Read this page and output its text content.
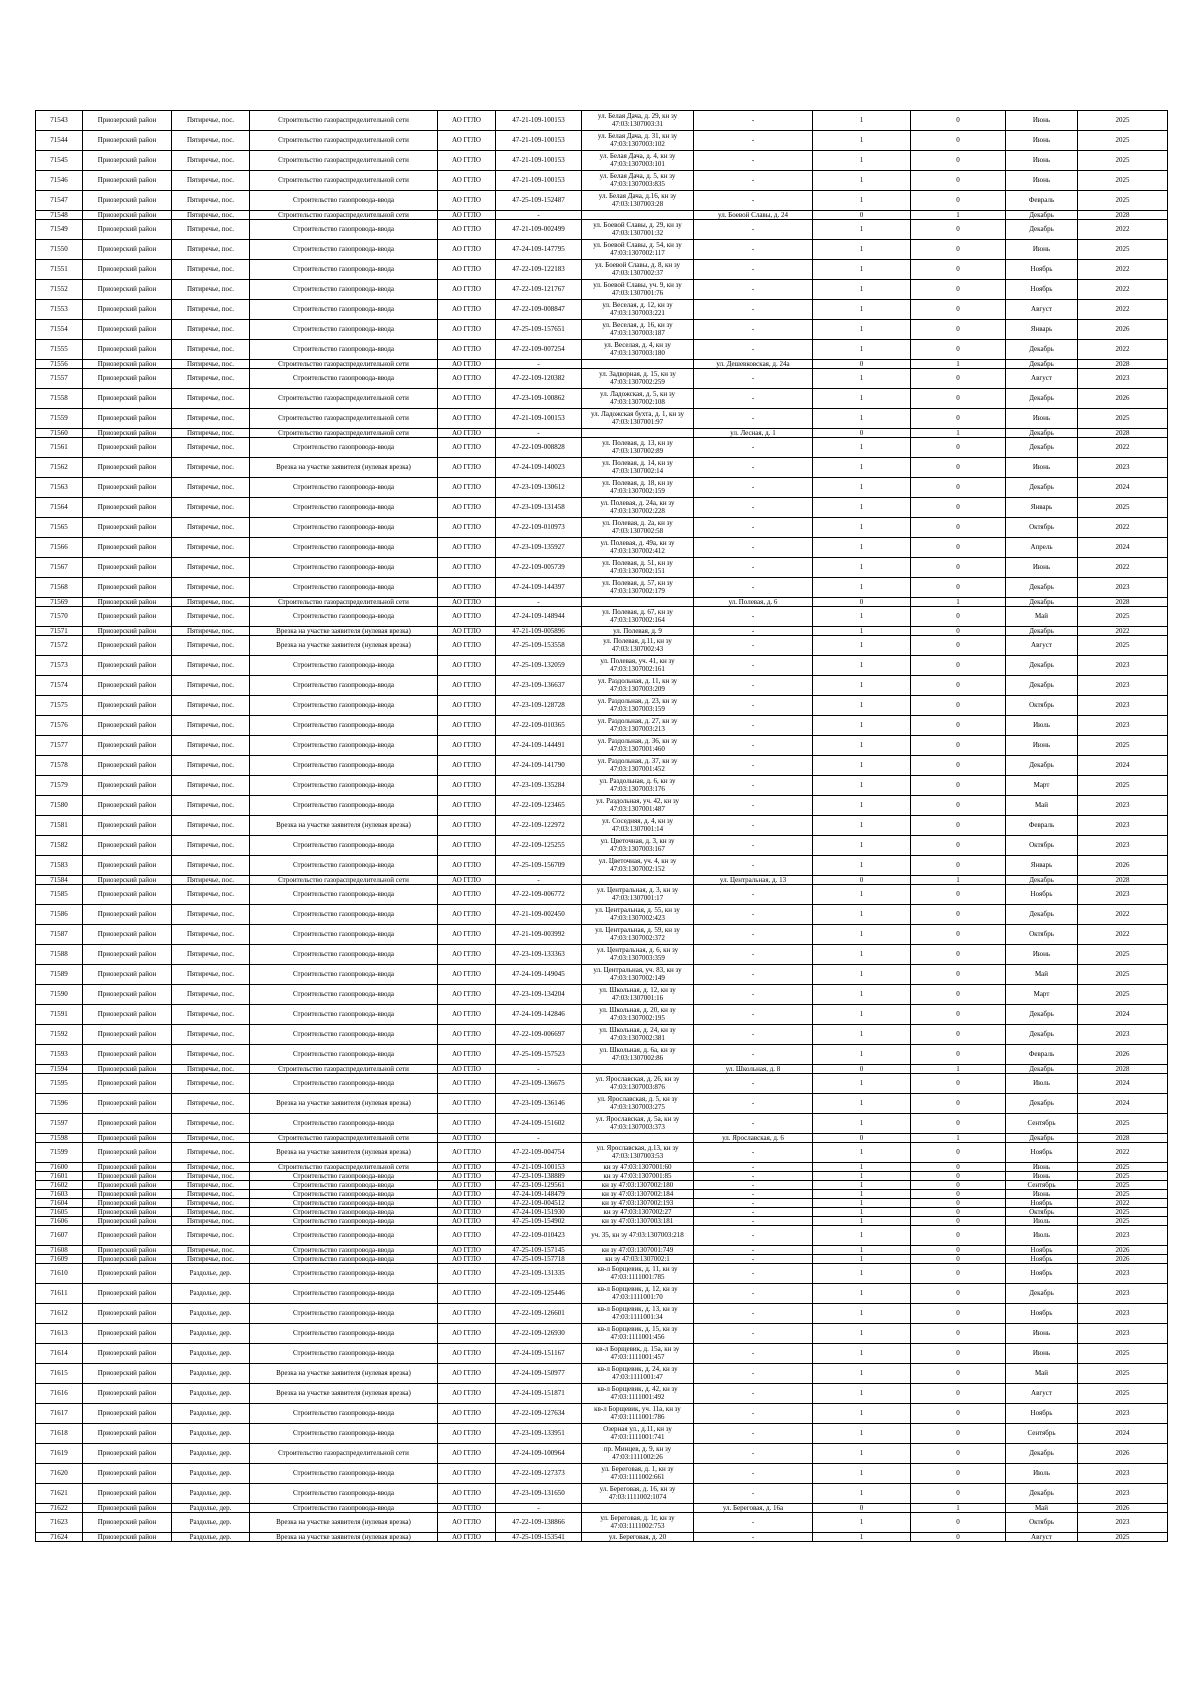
71543	Приозерский район	Пятиречье, пос.	Строительство газораспределительной сети	АО ГГЛО	47-21-109-100153	ул. Белая Дача, д. 29, кн зу 47:03:1307003:31	-	1	0	Июнь	2025
71544	Приозерский район	Пятиречье, пос.	Строительство газораспределительной сети	АО ГГЛО	47-21-109-100153	ул. Белая Дача, д. 31, кн зу 47:03:1307003:102	-	1	0	Июнь	2025
71545	Приозерский район	Пятиречье, пос.	Строительство газораспределительной сети	АО ГГЛО	47-21-109-100153	ул. Белая Дача, д. 4, кн зу 47:03:1307003:101	-	1	0	Июнь	2025
71546	Приозерский район	Пятиречье, пос.	Строительство газораспределительной сети	АО ГГЛО	47-21-109-100153	ул. Белая Дача, д. 5, кн зу 47:03:1307003:835	-	1	0	Июнь	2025
71547	Приозерский район	Пятиречье, пос.	Строительство газопровода-ввода	АО ГГЛО	47-25-109-152487	ул. Белая Дача, д.16, кн зу 47:03:1307003:28	-	1	0	Февраль	2025
71548	Приозерский район	Пятиречье, пос.	Строительство газораспределительной сети	АО ГГЛО	-		ул. Боевой Славы, д. 24	0	1	Декабрь	2028
71549	Приозерский район	Пятиречье, пос.	Строительство газопровода-ввода	АО ГГЛО	47-21-109-002499	ул. Боевой Славы, д. 29, кн зу 47:03:1307001:32	-	1	0	Декабрь	2022
71550	Приозерский район	Пятиречье, пос.	Строительство газопровода-ввода	АО ГГЛО	47-24-109-147795	ул. Боевой Славы, д. 54, кн зу 47:03:1307002:117	-	1	0	Июнь	2025
71551	Приозерский район	Пятиречье, пос.	Строительство газопровода-ввода	АО ГГЛО	47-22-109-122183	ул. Боевой Славы, д. 8, кн зу 47:03:1307002:37	-	1	0	Ноябрь	2022
71552	Приозерский район	Пятиречье, пос.	Строительство газопровода-ввода	АО ГГЛО	47-22-109-121767	ул. Боевой Славы, уч. 9, кн зу 47:03:1307001:76	-	1	0	Ноябрь	2022
71553	Приозерский район	Пятиречье, пос.	Строительство газопровода-ввода	АО ГГЛО	47-22-109-008847	ул. Веселая, д. 12, кн зу 47:03:1307003:221	-	1	0	Август	2022
71554	Приозерский район	Пятиречье, пос.	Строительство газопровода-ввода	АО ГГЛО	47-25-109-157651	ул. Веселая, д. 16, кн зу 47:03:1307003:187	-	1	0	Январь	2026
71555	Приозерский район	Пятиречье, пос.	Строительство газопровода-ввода	АО ГГЛО	47-22-109-007254	ул. Веселая, д. 4, кн зу 47:03:1307003:180	-	1	0	Декабрь	2022
71556	Приозерский район	Пятиречье, пос.	Строительство газораспределительной сети	АО ГГЛО	-		ул. Дешевковская, д. 24а	0	1	Декабрь	2028
71557	Приозерский район	Пятиречье, пос.	Строительство газопровода-ввода	АО ГГЛО	47-22-109-120382	ул. Задворная, д. 15, кн зу 47:03:1307002:259	-	1	0	Август	2023
71558	Приозерский район	Пятиречье, пос.	Строительство газораспределительной сети	АО ГГЛО	47-23-109-100862	ул. Ладожская, д. 5, кн зу 47:03:1307002:108	-	1	0	Декабрь	2026
71559	Приозерский район	Пятиречье, пос.	Строительство газораспределительной сети	АО ГГЛО	47-21-109-100153	ул. Ладожская бухта, д. 1, кн зу 47:03:1307001:97	-	1	0	Июнь	2025
71560	Приозерский район	Пятиречье, пос.	Строительство газораспределительной сети	АО ГГЛО	-		ул. Лесная, д. 1	0	1	Декабрь	2028
71561	Приозерский район	Пятиречье, пос.	Строительство газопровода-ввода	АО ГГЛО	47-22-109-008828	ул. Полевая, д. 13, кн зу 47:03:1307002:89	-	1	0	Декабрь	2022
71562	Приозерский район	Пятиречье, пос.	Врезка на участке заявителя (нулевая врезка)	АО ГГЛО	47-24-109-140023	ул. Полевая, д. 14, кн зу 47:03:1307002:14	-	1	0	Июнь	2023
71563	Приозерский район	Пятиречье, пос.	Строительство газопровода-ввода	АО ГГЛО	47-23-109-130612	ул. Полевая, д. 18, кн зу 47:03:1307002:159	-	1	0	Декабрь	2024
71564	Приозерский район	Пятиречье, пос.	Строительство газопровода-ввода	АО ГГЛО	47-23-109-131458	ул. Полевая, д. 24а, кн зу 47:03:1307002:228	-	1	0	Январь	2025
71565	Приозерский район	Пятиречье, пос.	Строительство газопровода-ввода	АО ГГЛО	47-22-109-010973	ул. Полевая, д. 2а, кн зу 47:03:1307002:58	-	1	0	Октябрь	2022
71566	Приозерский район	Пятиречье, пос.	Строительство газопровода-ввода	АО ГГЛО	47-23-109-135927	ул. Полевая, д. 49а, кн зу 47:03:1307002:412	-	1	0	Апрель	2024
71567	Приозерский район	Пятиречье, пос.	Строительство газопровода-ввода	АО ГГЛО	47-22-109-005739	ул. Полевая, д. 51, кн зу 47:03:1307002:151	-	1	0	Июнь	2022
71568	Приозерский район	Пятиречье, пос.	Строительство газопровода-ввода	АО ГГЛО	47-24-109-144397	ул. Полевая, д. 57, кн зу 47:03:1307002:179	-	1	0	Декабрь	2023
71569	Приозерский район	Пятиречье, пос.	Строительство газораспределительной сети	АО ГГЛО	-		ул. Полевая, д. 6	0	1	Декабрь	2028
71570	Приозерский район	Пятиречье, пос.	Строительство газопровода-ввода	АО ГГЛО	47-24-109-148944	ул. Полевая, д. 67, кн зу 47:03:1307002:164	-	1	0	Май	2025
71571	Приозерский район	Пятиречье, пос.	Врезка на участке заявителя (нулевая врезка)	АО ГГЛО	47-21-109-005896	ул. Полевая, д. 9	-	1	0	Декабрь	2022
71572	Приозерский район	Пятиречье, пос.	Врезка на участке заявителя (нулевая врезка)	АО ГГЛО	47-25-109-153558	ул. Полевая, д.11, кн зу 47:03:1307002:43	-	1	0	Август	2025
71573	Приозерский район	Пятиречье, пос.	Строительство газопровода-ввода	АО ГГЛО	47-25-109-132059	ул. Полевая, уч. 41, кн зу 47:03:1307002:161	-	1	0	Декабрь	2023
71574	Приозерский район	Пятиречье, пос.	Строительство газопровода-ввода	АО ГГЛО	47-23-109-136637	ул. Раздольная, д. 11, кн зу 47:03:1307003:209	-	1	0	Декабрь	2023
71575	Приозерский район	Пятиречье, пос.	Строительство газопровода-ввода	АО ГГЛО	47-23-109-128728	ул. Раздольная, д. 23, кн зу 47:03:1307003:159	-	1	0	Октябрь	2023
71576	Приозерский район	Пятиречье, пос.	Строительство газопровода-ввода	АО ГГЛО	47-22-109-010365	ул. Раздольная, д. 27, кн зу 47:03:1307003:213	-	1	0	Июль	2023
71577	Приозерский район	Пятиречье, пос.	Строительство газопровода-ввода	АО ГГЛО	47-24-109-144491	ул. Раздольная, д. 36, кн зу 47:03:1307001:460	-	1	0	Июнь	2025
71578	Приозерский район	Пятиречье, пос.	Строительство газопровода-ввода	АО ГГЛО	47-24-109-141790	ул. Раздольная, д. 37, кн зу 47:03:1307001:452	-	1	0	Декабрь	2024
71579	Приозерский район	Пятиречье, пос.	Строительство газопровода-ввода	АО ГГЛО	47-23-109-135284	ул. Раздольная, д. 6, кн зу 47:03:1307003:176	-	1	0	Март	2025
71580	Приозерский район	Пятиречье, пос.	Строительство газопровода-ввода	АО ГГЛО	47-22-109-123465	ул. Раздольная, уч. 42, кн зу 47:03:1307001:487	-	1	0	Май	2023
71581	Приозерский район	Пятиречье, пос.	Врезка на участке заявителя (нулевая врезка)	АО ГГЛО	47-22-109-122972	ул. Соседняя, д. 4, кн зу 47:03:1307001:14	-	1	0	Февраль	2023
71582	Приозерский район	Пятиречье, пос.	Строительство газопровода-ввода	АО ГГЛО	47-22-109-125255	ул. Цветочная, д. 3, кн зу 47:03:1307003:167	-	1	0	Октябрь	2023
71583	Приозерский район	Пятиречье, пос.	Строительство газопровода-ввода	АО ГГЛО	47-25-109-156709	ул. Цветочная, уч. 4, кн зу 47:03:1307002:152	-	1	0	Январь	2026
71584	Приозерский район	Пятиречье, пос.	Строительство газораспределительной сети	АО ГГЛО	-		ул. Центральная, д. 13	0	1	Декабрь	2028
71585	Приозерский район	Пятиречье, пос.	Строительство газопровода-ввода	АО ГГЛО	47-22-109-006772	ул. Центральная, д. 3, кн зу 47:03:1307001:17	-	1	0	Ноябрь	2023
71586	Приозерский район	Пятиречье, пос.	Строительство газопровода-ввода	АО ГГЛО	47-21-109-002450	ул. Центральная, д. 55, кн зу 47:03:1307002:423	-	1	0	Декабрь	2022
71587	Приозерский район	Пятиречье, пос.	Строительство газопровода-ввода	АО ГГЛО	47-21-109-003992	ул. Центральная, д. 59, кн зу 47:03:1307002:372	-	1	0	Октябрь	2022
71588	Приозерский район	Пятиречье, пос.	Строительство газопровода-ввода	АО ГГЛО	47-23-109-133363	ул. Центральная, д. 6, кн зу 47:03:1307003:359	-	1	0	Июнь	2025
71589	Приозерский район	Пятиречье, пос.	Строительство газопровода-ввода	АО ГГЛО	47-24-109-149045	ул. Центральная, уч. 83, кн зу 47:03:1307002:149	-	1	0	Май	2025
71590	Приозерский район	Пятиречье, пос.	Строительство газопровода-ввода	АО ГГЛО	47-23-109-134204	ул. Школьная, д. 12, кн зу 47:03:1307001:16	-	1	0	Март	2025
71591	Приозерский район	Пятиречье, пос.	Строительство газопровода-ввода	АО ГГЛО	47-24-109-142846	ул. Школьная, д. 20, кн зу 47:03:1307002:195	-	1	0	Декабрь	2024
71592	Приозерский район	Пятиречье, пос.	Строительство газопровода-ввода	АО ГГЛО	47-22-109-006697	ул. Школьная, д. 24, кн зу 47:03:1307002:381	-	1	0	Декабрь	2023
71593	Приозерский район	Пятиречье, пос.	Строительство газопровода-ввода	АО ГГЛО	47-25-109-157523	ул. Школьная, д. 6а, кн зу 47:03:1307002:86	-	1	0	Февраль	2026
71594	Приозерский район	Пятиречье, пос.	Строительство газораспределительной сети	АО ГГЛО	-		ул. Школьная, д. 8	0	1	Декабрь	2028
71595	Приозерский район	Пятиречье, пос.	Строительство газопровода-ввода	АО ГГЛО	47-23-109-136675	ул. Ярославская, д. 26, кн зу 47:03:1307003:876	-	1	0	Июль	2024
71596	Приозерский район	Пятиречье, пос.	Врезка на участке заявителя (нулевая врезка)	АО ГГЛО	47-23-109-136146	ул. Ярославская, д. 5, кн зу 47:03:1307003:275	-	1	0	Декабрь	2024
71597	Приозерский район	Пятиречье, пос.	Строительство газопровода-ввода	АО ГГЛО	47-24-109-151602	ул. Ярославская, д. 5а, кн зу 47:03:1307003:373	-	1	0	Сентябрь	2025
71598	Приозерский район	Пятиречье, пос.	Строительство газораспределительной сети	АО ГГЛО	-		ул. Ярославская, д. 6	0	1	Декабрь	2028
71599	Приозерский район	Пятиречье, пос.	Врезка на участке заявителя (нулевая врезка)	АО ГГЛО	47-22-109-004754	ул. Ярославская, д.13, кн зу 47:03:1307003:53	-	1	0	Ноябрь	2022
71600	Приозерский район	Пятиречье, пос.	Строительство газораспределительной сети	АО ГГЛО	47-21-109-100153	кн зу 47:03:1307001:60	-	1	0	Июнь	2025
71601	Приозерский район	Пятиречье, пос.	Строительство газопровода-ввода	АО ГГЛО	47-23-109-138889	кн зу 47:03:1307001:85	-	1	0	Июнь	2025
71602	Приозерский район	Пятиречье, пос.	Строительство газопровода-ввода	АО ГГЛО	47-23-109-129561	кн зу 47:03:1307002:180	-	1	0	Сентябрь	2025
71603	Приозерский район	Пятиречье, пос.	Строительство газопровода-ввода	АО ГГЛО	47-24-109-148479	кн зу 47:03:1307002:184	-	1	0	Июнь	2025
71604	Приозерский район	Пятиречье, пос.	Строительство газопровода-ввода	АО ГГЛО	47-22-109-004512	кн зу 47:03:1307002:193	-	1	0	Ноябрь	2022
71605	Приозерский район	Пятиречье, пос.	Строительство газопровода-ввода	АО ГГЛО	47-24-109-151930	кн зу 47:03:1307002:27	-	1	0	Октябрь	2025
71606	Приозерский район	Пятиречье, пос.	Строительство газопровода-ввода	АО ГГЛО	47-25-109-154902	кн зу 47:03:1307003:181	-	1	0	Июль	2025
71607	Приозерский район	Пятиречье, пос.	Строительство газопровода-ввода	АО ГГЛО	47-22-109-010423	уч. 35, кн зу 47:03:1307003:218	-	1	0	Июль	2023
71608	Приозерский район	Пятиречье, пос.	Строительство газопровода-ввода	АО ГГЛО	47-25-109-157145	кн зу 47:03:1307001:749	-	1	0	Ноябрь	2026
71609	Приозерский район	Пятиречье, пос.	Строительство газопровода-ввода	АО ГГЛО	47-25-109-157718	кн зу 47:03:1307002:1	-	1	0	Ноябрь	2026
71610	Приозерский район	Раздолье, дер.	Строительство газопровода-ввода	АО ГГЛО	47-23-109-131335	кв-л Борщевик, д. 11, кн зу 47:03:1111001:785	-	1	0	Ноябрь	2023
71611	Приозерский район	Раздолье, дер.	Строительство газопровода-ввода	АО ГГЛО	47-22-109-125446	кв-л Борщевик, д. 12, кн зу 47:03:1111001:70	-	1	0	Декабрь	2023
71612	Приозерский район	Раздолье, дер.	Строительство газопровода-ввода	АО ГГЛО	47-22-109-126601	кв-л Борщевик, д. 13, кн зу 47:03:1111001:34	-	1	0	Ноябрь	2023
71613	Приозерский район	Раздолье, дер.	Строительство газопровода-ввода	АО ГГЛО	47-22-109-126930	кв-л Борщевик, д. 15, кн зу 47:03:1111001:456	-	1	0	Июнь	2023
71614	Приозерский район	Раздолье, дер.	Строительство газопровода-ввода	АО ГГЛО	47-24-109-151167	кв-л Борщевик, д. 15а, кн зу 47:03:1111001:457	-	1	0	Июнь	2025
71615	Приозерский район	Раздолье, дер.	Врезка на участке заявителя (нулевая врезка)	АО ГГЛО	47-24-109-150977	кв-л Борщевик, д. 24, кн зу 47:03:1111001:47	-	1	0	Май	2025
71616	Приозерский район	Раздолье, дер.	Врезка на участке заявителя (нулевая врезка)	АО ГГЛО	47-24-109-151871	кв-л Борщевик, д. 42, кн зу 47:03:1111001:492	-	1	0	Август	2025
71617	Приозерский район	Раздолье, дер.	Строительство газопровода-ввода	АО ГГЛО	47-22-109-127634	кв-л Борщевик, уч. 11а, кн зу 47:03:1111001:786	-	1	0	Ноябрь	2023
71618	Приозерский район	Раздолье, дер.	Строительство газопровода-ввода	АО ГГЛО	47-23-109-133951	Озерная ул., д.11, кн зу 47:03:1111001:741	-	1	0	Сентябрь	2024
71619	Приозерский район	Раздолье, дер.	Строительство газораспределительной сети	АО ГГЛО	47-24-109-100964	пр. Минцев, д. 9, кн зу 47:03:1111002:26	-	1	0	Декабрь	2026
71620	Приозерский район	Раздолье, дер.	Строительство газопровода-ввода	АО ГГЛО	47-22-109-127373	ул. Береговая, д. 1, кн зу 47:03:1111002:661	-	1	0	Июль	2023
71621	Приозерский район	Раздолье, дер.	Строительство газопровода-ввода	АО ГГЛО	47-23-109-131650	ул. Береговая, д. 16, кн зу 47:03:1111002:1074	-	1	0	Декабрь	2023
71622	Приозерский район	Раздолье, дер.	Строительство газопровода-ввода	АО ГГЛО	-		ул. Береговая, д. 16а	0	1	Май	2026
71623	Приозерский район	Раздолье, дер.	Врезка на участке заявителя (нулевая врезка)	АО ГГЛО	47-22-109-138866	ул. Береговая, д. 1г, кн зу 47:03:1111002:753	-	1	0	Октябрь	2023
71624	Приозерский район	Раздолье, дер.	Врезка на участке заявителя (нулевая врезка)	АО ГГЛО	47-25-109-153541	ул. Береговая, д. 20	-	1	0	Август	2025
